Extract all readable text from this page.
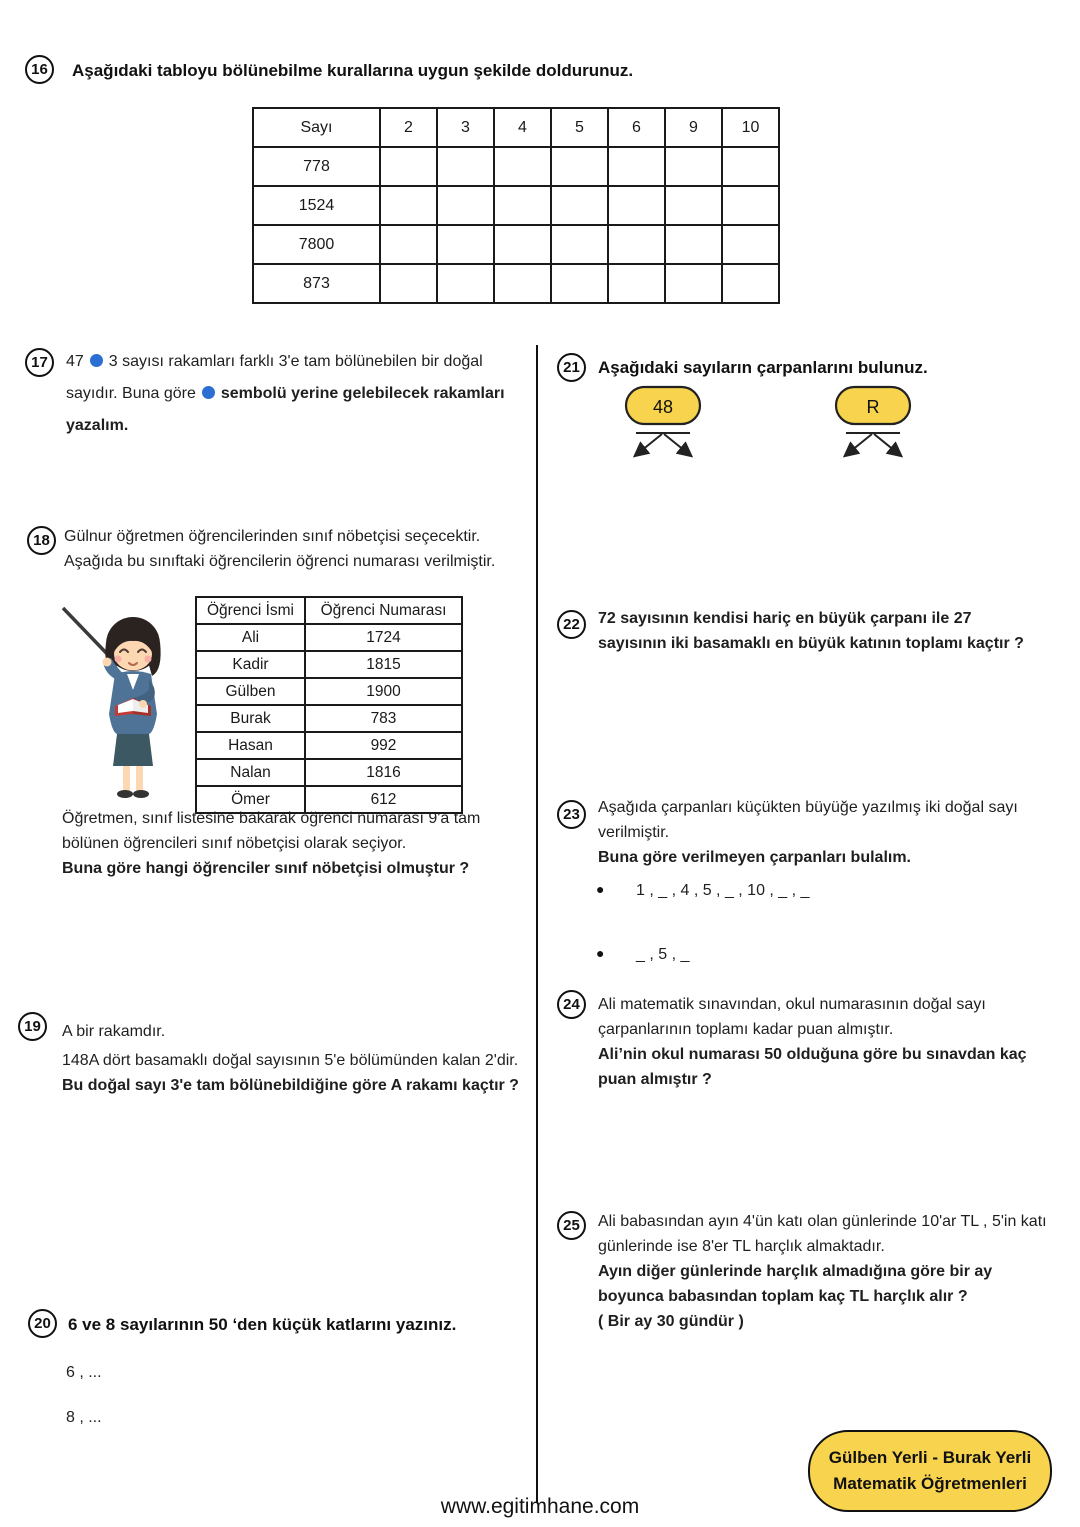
16 Aşağıdaki tabloyu bölünebilme kurallarına uygun şekilde doldurunuz.
Sayı	2	3	4	5	6	9	10
778							
1524							
7800							
873							
17 47 3 sayısı rakamları farklı 3'e tam bölünebilen bir doğal
sayıdır. Buna göre sembolü yerine gelebilecek rakamları
yazalım.
18 Gülnur öğretmen öğrencilerinden sınıf nöbetçisi seçecektir.
Aşağıda bu sınıftaki öğrencilerin öğrenci numarası verilmiştir.
Öğrenci İsmi	Öğrenci Numarası
Ali	1724
Kadir	1815
Gülben	1900
Burak	783
Hasan	992
Nalan	1816
Ömer	612
Öğretmen, sınıf listesine bakarak öğrenci numarası 9'a tam
bölünen öğrencileri sınıf nöbetçisi olarak seçiyor.
Buna göre hangi öğrenciler sınıf nöbetçisi olmuştur ?
19 A bir rakamdır.
148A dört basamaklı doğal sayısının 5'e bölümünden kalan 2'dir.
Bu doğal sayı 3'e tam bölünebildiğine göre A rakamı kaçtır ?
20 6 ve 8 sayılarının 50 ‘den küçük katlarını yazınız.
6 , ...
8 , ...
21 Aşağıdaki sayıların çarpanlarını bulunuz.
48	R
22 72 sayısının kendisi hariç en büyük çarpanı ile 27
sayısının iki basamaklı en büyük katının toplamı kaçtır ?
23 Aşağıda çarpanları küçükten büyüğe yazılmış iki doğal sayı
verilmiştir.
Buna göre verilmeyen çarpanları bulalım.
● 1 , _ , 4 , 5 , _ , 10 , _ , _
● _ , 5 , _
24 Ali matematik sınavından, okul numarasının doğal sayı
çarpanlarının toplamı kadar puan almıştır.
Ali’nin okul numarası 50 olduğuna göre bu sınavdan kaç
puan almıştır ?
25 Ali babasından ayın 4'ün katı olan günlerinde 10'ar TL , 5'in katı
günlerinde ise 8'er TL harçlık almaktadır.
Ayın diğer günlerinde harçlık almadığına göre bir ay
boyunca babasından toplam kaç TL harçlık alır ?
( Bir ay 30 gündür )
Gülben Yerli - Burak Yerli
Matematik Öğretmenleri
www.egitimhane.com
